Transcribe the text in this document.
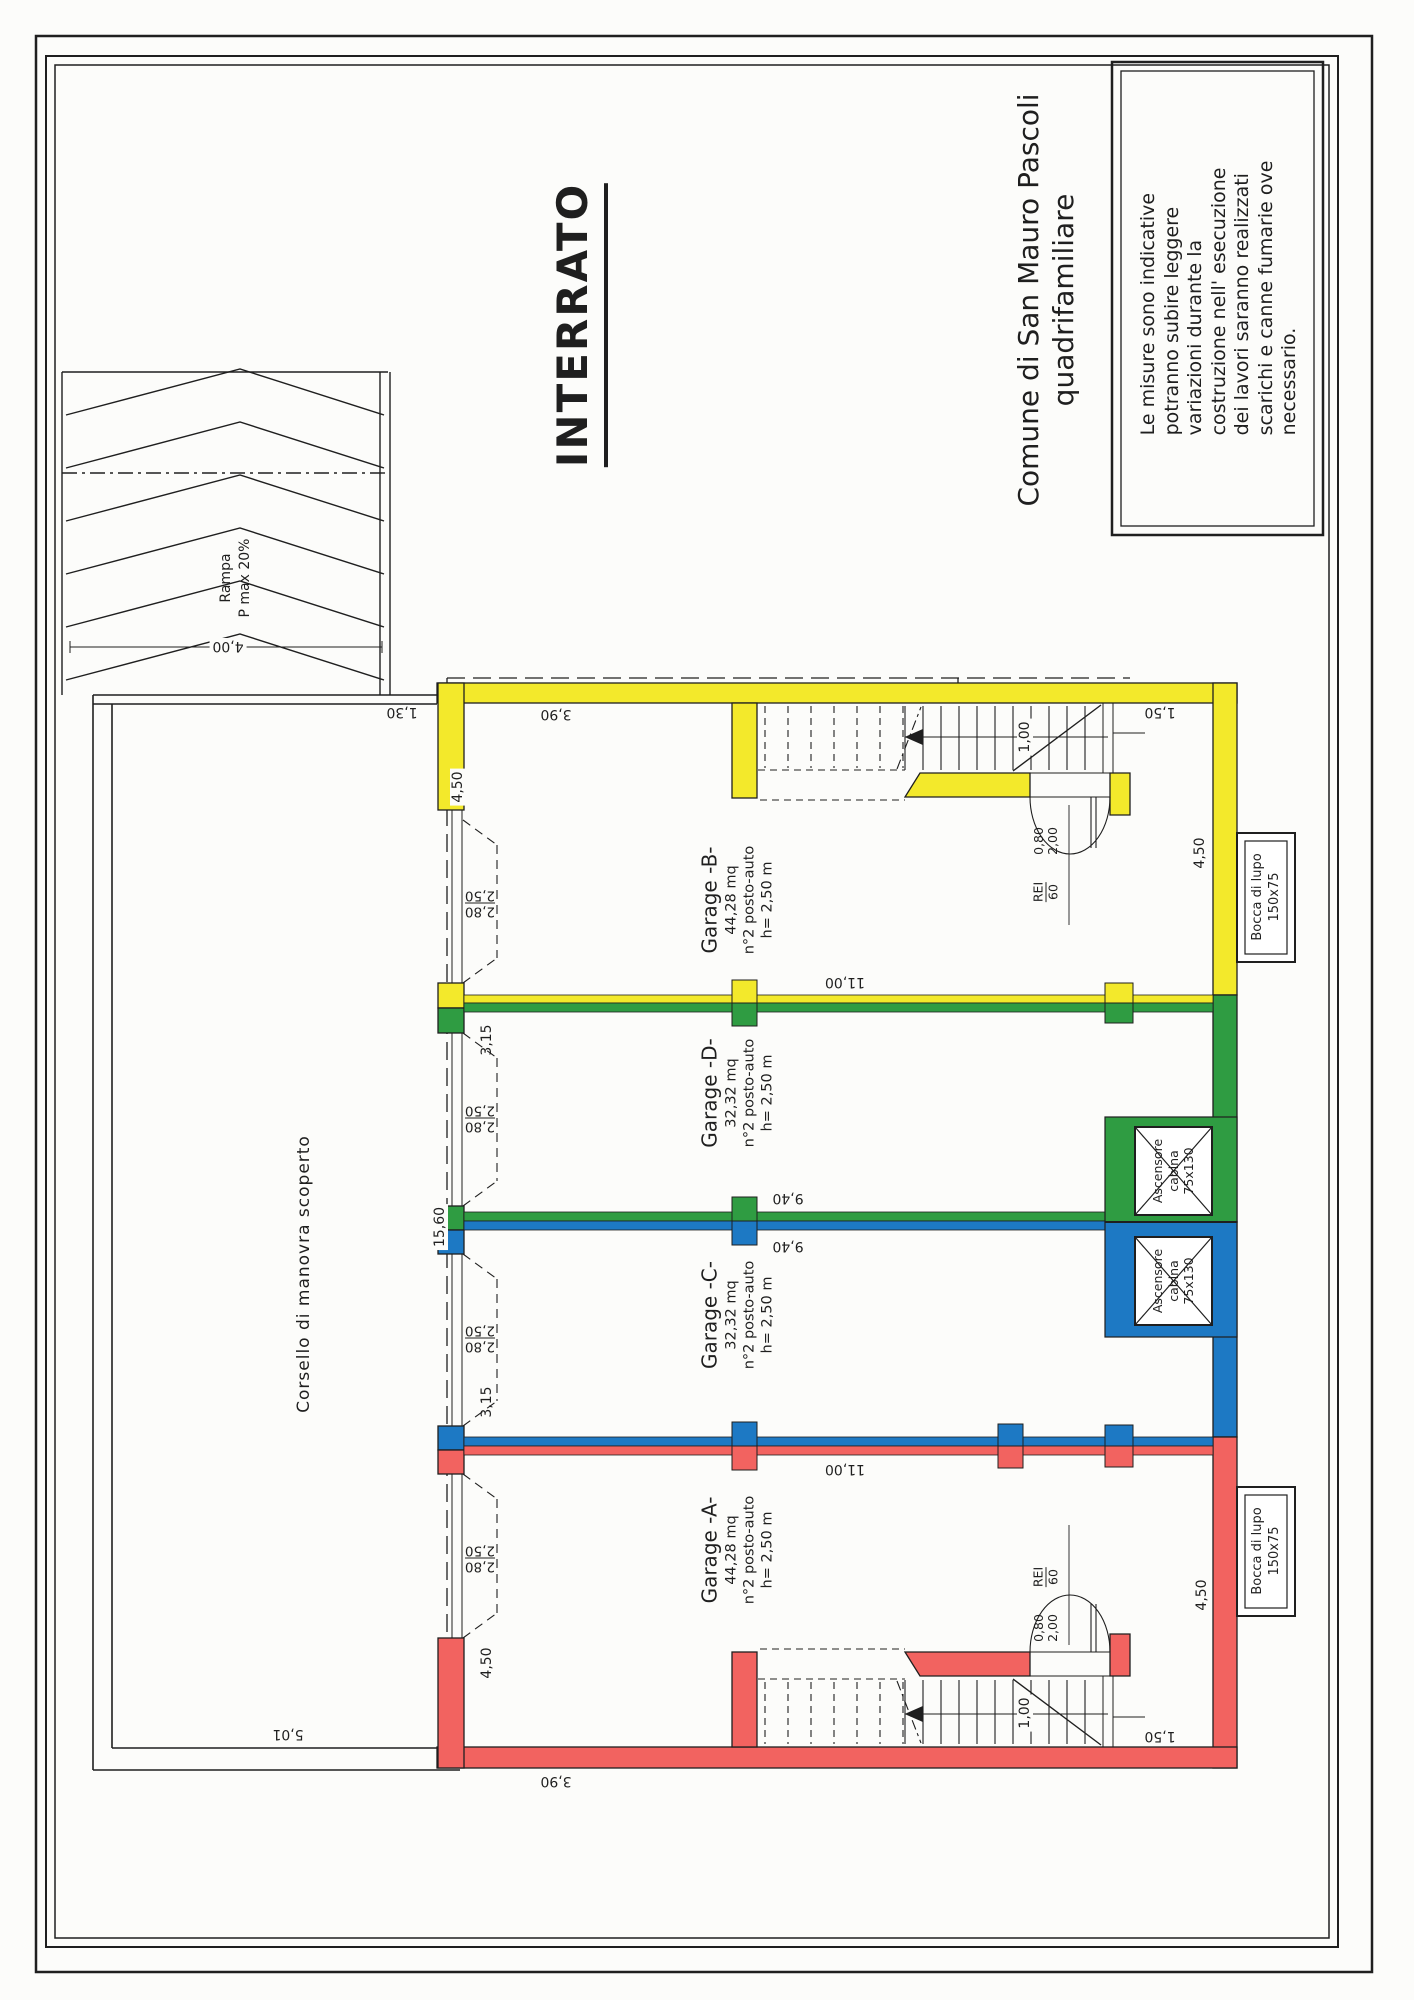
INTERRATO	Comune di San Mauro Pascoli quadrifamiliare	Le misure sono indicative potranno subire leggere variazioni durante la costruzione nell' esecuzione dei lavori saranno realizzati scarichi e canne fumarie ove necessario.
Rampa P max 20%
Corsello di manovra scoperto
Garage -B- 44,28 mq n°2 posto-auto h= 2,50 m
Garage -D- 32,32 mq n°2 posto-auto h= 2,50 m
Garage -C- 32,32 mq n°2 posto-auto h= 2,50 m
Garage -A- 44,28 mq n°2 posto-auto h= 2,50 m
Ascensore cabina 75x130
Ascensore cabina 75x130
Bocca di lupo 150x75
Bocca di lupo 150x75
0,80 2,00
REI 60
REI 60
0,80 2,00
3,90
3,90
1,30
11,00
11,00
9,40
9,40
5,01
4,00
1,50
1,50
2,80
2,50
2,80
2,50
2,80
2,50
2,80
2,50
4,50
4,50
4,50
4,50
3,15
3,15
15,60
1,00
1,00
